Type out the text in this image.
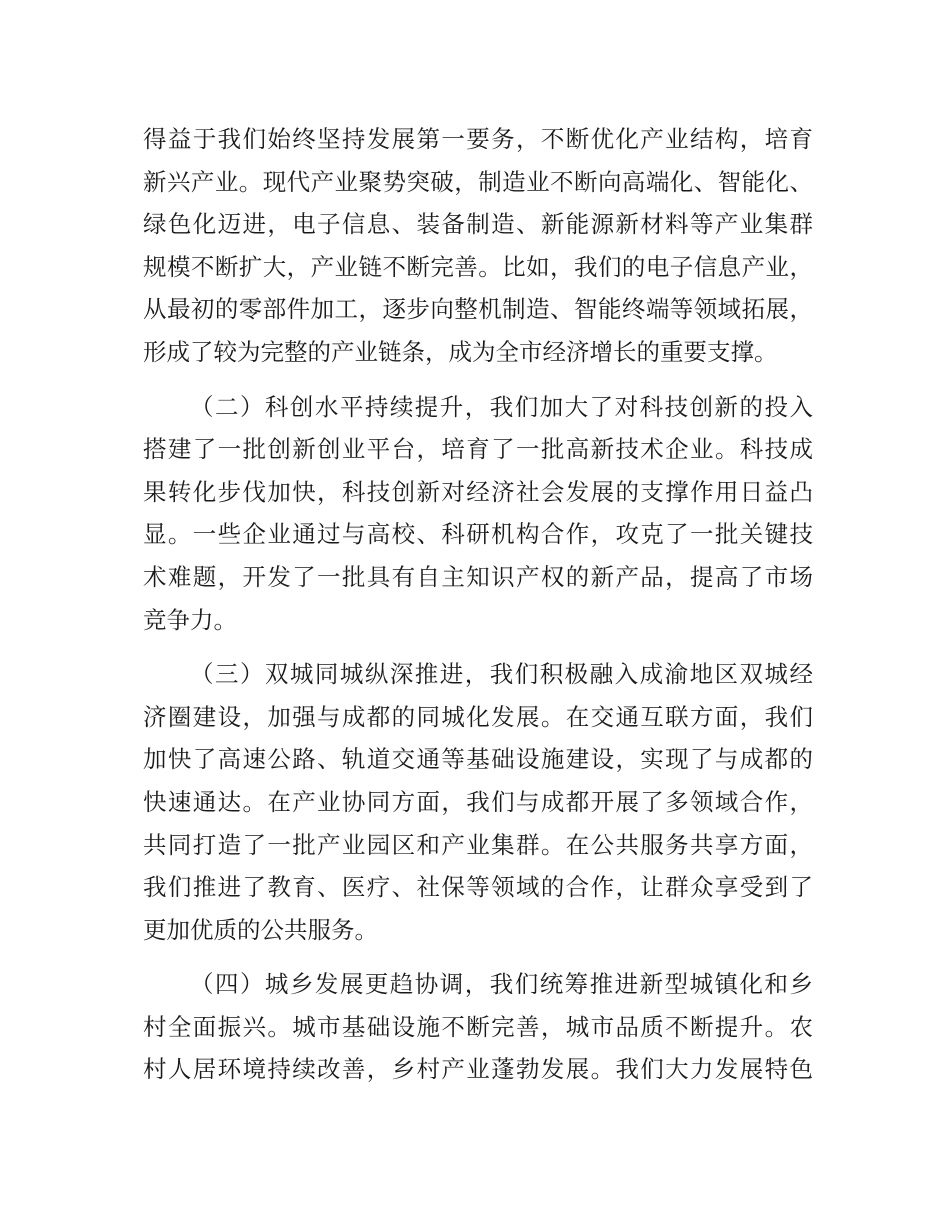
得益于我们始终坚持发展第一要务，不断优化产业结构，培育
新兴产业。现代产业聚势突破，制造业不断向高端化、智能化、
绿色化迈进，电子信息、装备制造、新能源新材料等产业集群
规模不断扩大，产业链不断完善。比如，我们的电子信息产业，
从最初的零部件加工，逐步向整机制造、智能终端等领域拓展，
形成了较为完整的产业链条，成为全市经济增长的重要支撑。
（二）科创水平持续提升，我们加大了对科技创新的投入
搭建了一批创新创业平台，培育了一批高新技术企业。科技成
果转化步伐加快，科技创新对经济社会发展的支撑作用日益凸
显。一些企业通过与高校、科研机构合作，攻克了一批关键技
术难题，开发了一批具有自主知识产权的新产品，提高了市场
竞争力。
（三）双城同城纵深推进，我们积极融入成渝地区双城经
济圈建设，加强与成都的同城化发展。在交通互联方面，我们
加快了高速公路、轨道交通等基础设施建设，实现了与成都的
快速通达。在产业协同方面，我们与成都开展了多领域合作，
共同打造了一批产业园区和产业集群。在公共服务共享方面，
我们推进了教育、医疗、社保等领域的合作，让群众享受到了
更加优质的公共服务。
（四）城乡发展更趋协调，我们统筹推进新型城镇化和乡
村全面振兴。城市基础设施不断完善，城市品质不断提升。农
村人居环境持续改善，乡村产业蓬勃发展。我们大力发展特色
